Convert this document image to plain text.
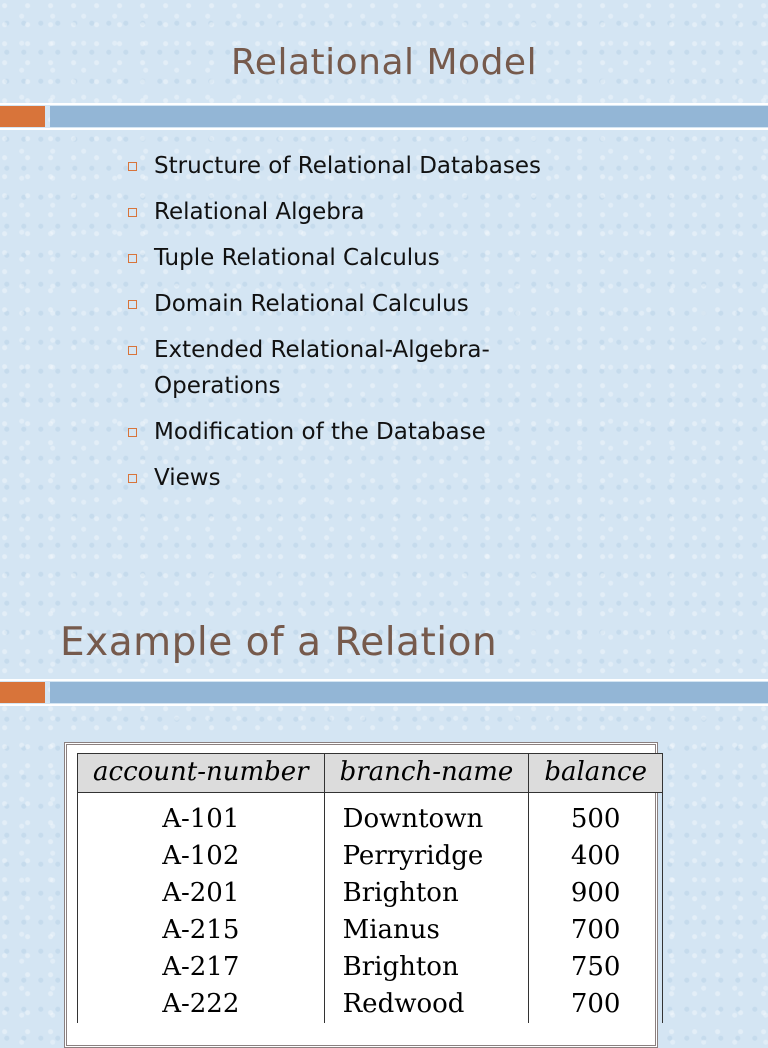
Relational Model
Structure of Relational Databases
Relational Algebra
Tuple Relational Calculus
Domain Relational Calculus
Extended Relational-Algebra-Operations
Modification of the Database
Views
Example of a Relation
account-number	branch-name	balance
A-101	Downtown	500
A-102	Perryridge	400
A-201	Brighton	900
A-215	Mianus	700
A-217	Brighton	750
A-222	Redwood	700
